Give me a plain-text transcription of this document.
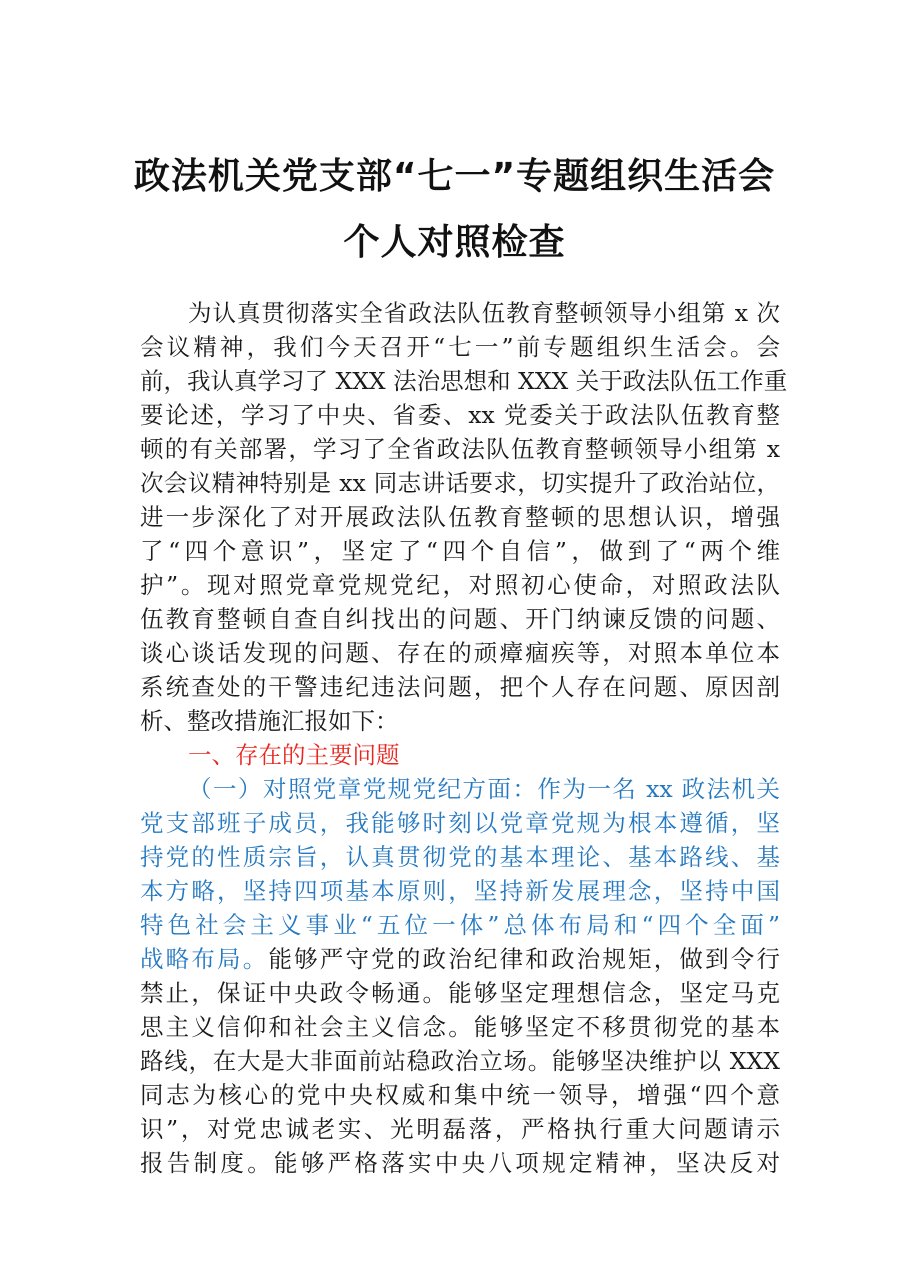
政法机关党支部“七一”专题组织生活会
个人对照检查
为认真贯彻落实全省政法队伍教育整顿领导小组第 x 次
会议精神，我们今天召开“七一”前专题组织生活会。会
前，我认真学习了 XXX 法治思想和 XXX 关于政法队伍工作重
要论述，学习了中央、省委、xx 党委关于政法队伍教育整
顿的有关部署，学习了全省政法队伍教育整顿领导小组第 x
次会议精神特别是 xx 同志讲话要求，切实提升了政治站位，
进一步深化了对开展政法队伍教育整顿的思想认识，增强
了“四个意识”，坚定了“四个自信”，做到了“两个维
护”。现对照党章党规党纪，对照初心使命，对照政法队
伍教育整顿自查自纠找出的问题、开门纳谏反馈的问题、
谈心谈话发现的问题、存在的顽瘴痼疾等，对照本单位本
系统查处的干警违纪违法问题，把个人存在问题、原因剖
析、整改措施汇报如下：
一、存在的主要问题
（一）对照党章党规党纪方面：作为一名 xx 政法机关
党支部班子成员，我能够时刻以党章党规为根本遵循，坚
持党的性质宗旨，认真贯彻党的基本理论、基本路线、基
本方略，坚持四项基本原则，坚持新发展理念，坚持中国
特色社会主义事业“五位一体”总体布局和“四个全面”
战略布局。能够严守党的政治纪律和政治规矩，做到令行
禁止，保证中央政令畅通。能够坚定理想信念，坚定马克
思主义信仰和社会主义信念。能够坚定不移贯彻党的基本
路线，在大是大非面前站稳政治立场。能够坚决维护以 XXX
同志为核心的党中央权威和集中统一领导，增强“四个意
识”，对党忠诚老实、光明磊落，严格执行重大问题请示
报告制度。能够严格落实中央八项规定精神，坚决反对
